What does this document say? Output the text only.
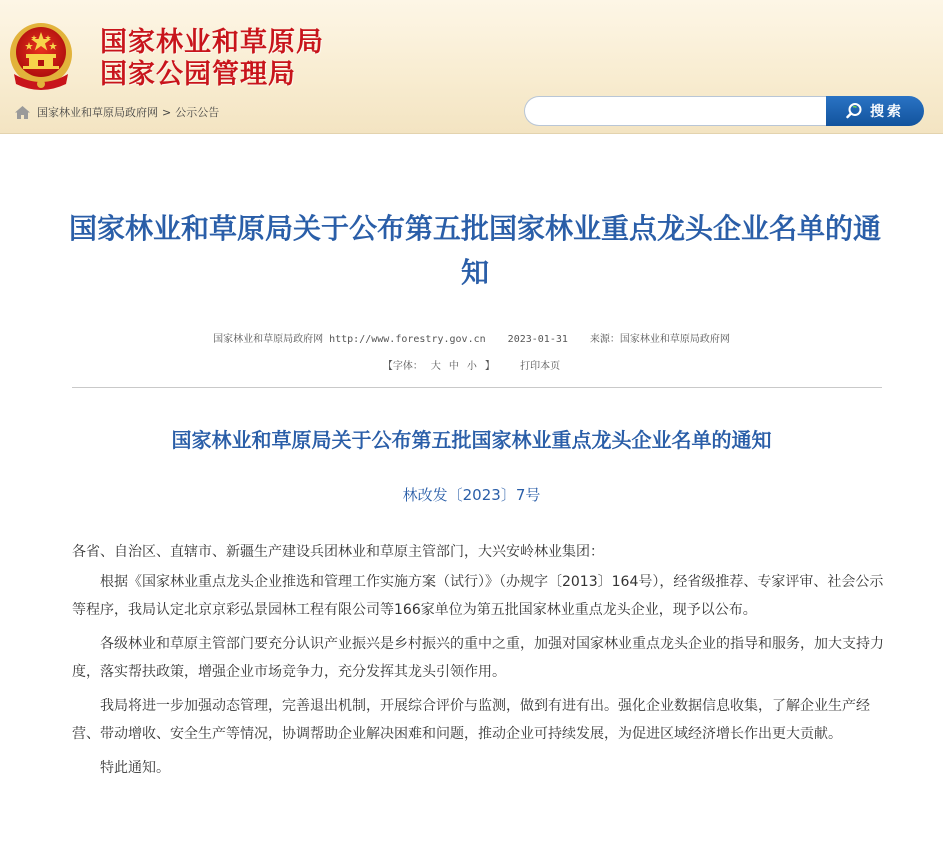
国家林业和草原局
国家公园管理局
国家林业和草原局政府网 > 公示公告	搜索
国家林业和草原局关于公布第五批国家林业重点龙头企业名单的通知
国家林业和草原局政府网 http://www.forestry.gov.cn 2023-01-31 来源：国家林业和草原局政府网
【字体： 大 中 小 】	打印本页
国家林业和草原局关于公布第五批国家林业重点龙头企业名单的通知
林改发〔2023〕7号

各省、自治区、直辖市、新疆生产建设兵团林业和草原主管部门，大兴安岭林业集团：

根据《国家林业重点龙头企业推选和管理工作实施方案（试行）》（办规字〔2013〕164号），经省级推荐、专家评审、社会公示等程序，我局认定北京京彩弘景园林工程有限公司等166家单位为第五批国家林业重点龙头企业，现予以公布。

各级林业和草原主管部门要充分认识产业振兴是乡村振兴的重中之重，加强对国家林业重点龙头企业的指导和服务，加大支持力度，落实帮扶政策，增强企业市场竞争力，充分发挥其龙头引领作用。

我局将进一步加强动态管理，完善退出机制，开展综合评价与监测，做到有进有出。强化企业数据信息收集，了解企业生产经营、带动增收、安全生产等情况，协调帮助企业解决困难和问题，推动企业可持续发展，为促进区域经济增长作出更大贡献。

特此通知。
